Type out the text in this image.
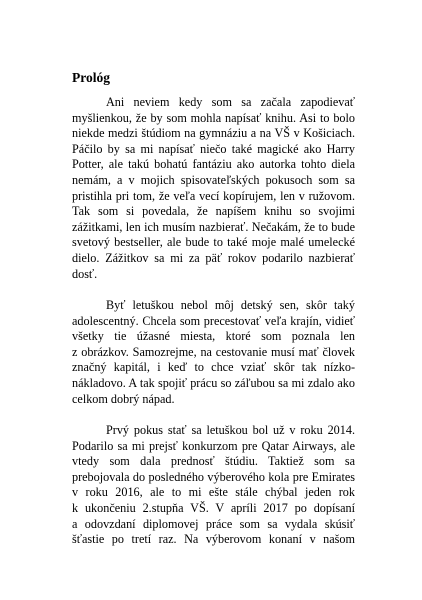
Prológ
Ani neviem kedy som sa začala zapodievať
myšlienkou, že by som mohla napísať knihu. Asi to bolo
niekde medzi štúdiom na gymnáziu a na VŠ v Košiciach.
Páčilo by sa mi napísať niečo také magické ako Harry
Potter, ale takú bohatú fantáziu ako autorka tohto diela
nemám, a v mojich spisovateľských pokusoch som sa
pristihla pri tom, že veľa vecí kopírujem, len v ružovom.
Tak som si povedala, že napíšem knihu so svojimi
zážitkami, len ich musím nazbierať. Nečakám, že to bude
svetový bestseller, ale bude to také moje malé umelecké
dielo. Zážitkov sa mi za päť rokov podarilo nazbierať
dosť.
Byť letuškou nebol môj detský sen, skôr taký
adolescentný. Chcela som precestovať veľa krajín, vidieť
všetky tie úžasné miesta, ktoré som poznala len
z obrázkov. Samozrejme, na cestovanie musí mať človek
značný kapitál, i keď to chce vziať skôr tak nízko-
nákladovo. A tak spojiť prácu so záľubou sa mi zdalo ako
celkom dobrý nápad.
Prvý pokus stať sa letuškou bol už v roku 2014.
Podarilo sa mi prejsť konkurzom pre Qatar Airways, ale
vtedy som dala prednosť štúdiu. Taktiež som sa
prebojovala do posledného výberového kola pre Emirates
v roku 2016, ale to mi ešte stále chýbal jeden rok
k ukončeniu 2.stupňa VŠ. V apríli 2017 po dopísaní
a odovzdaní diplomovej práce som sa vydala skúsiť
šťastie po tretí raz. Na výberovom konaní v našom
